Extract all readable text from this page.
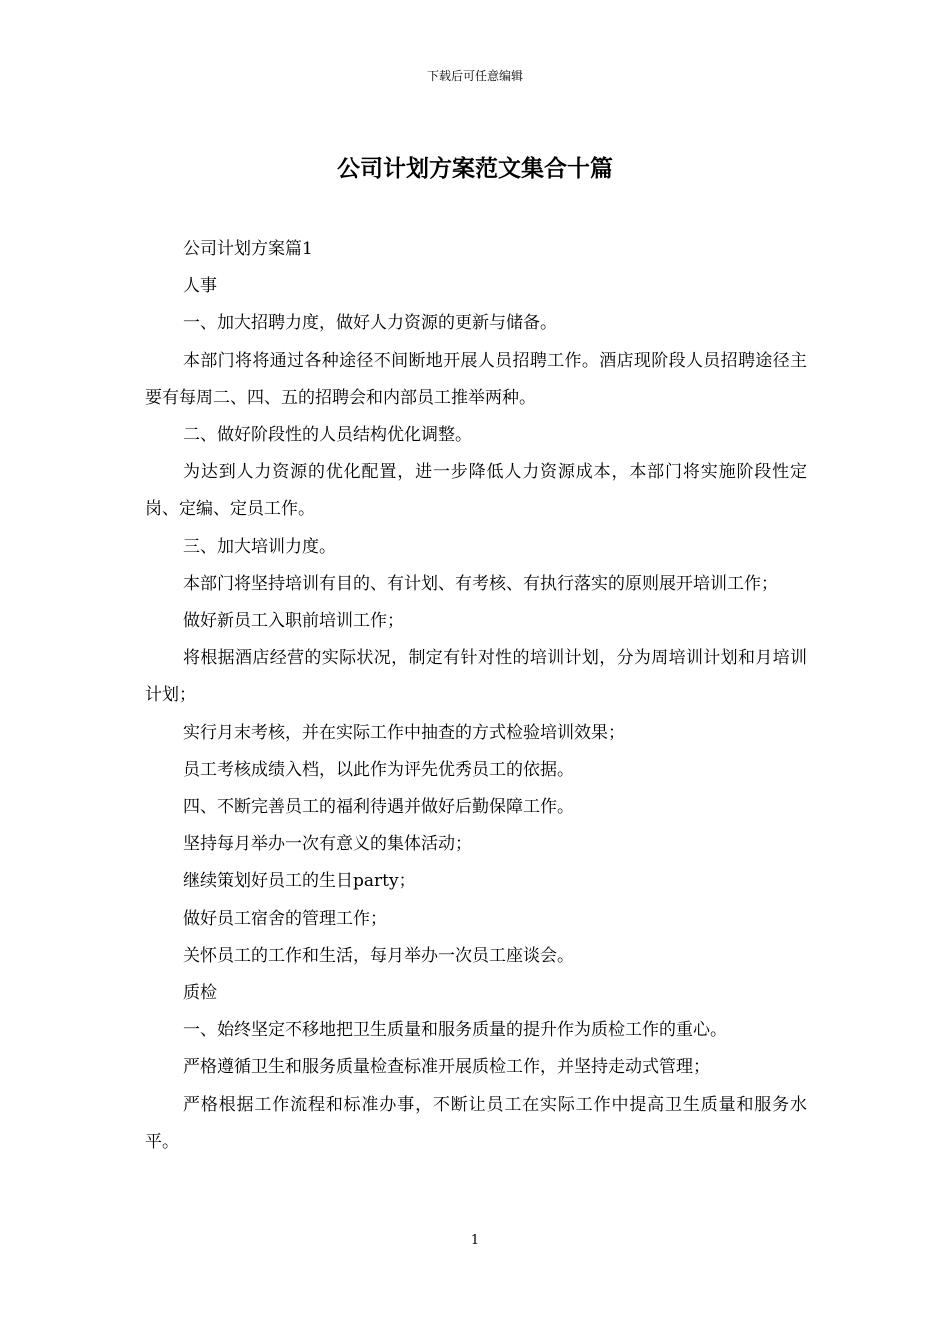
下载后可任意编辑
公司计划方案范文集合十篇

公司计划方案篇1

人事

一、加大招聘力度，做好人力资源的更新与储备。

本部门将将通过各种途径不间断地开展人员招聘工作。酒店现阶段人员招聘途径主要有每周二、四、五的招聘会和内部员工推举两种。

二、做好阶段性的人员结构优化调整。

为达到人力资源的优化配置，进一步降低人力资源成本，本部门将实施阶段性定岗、定编、定员工作。

三、加大培训力度。

本部门将坚持培训有目的、有计划、有考核、有执行落实的原则展开培训工作；

做好新员工入职前培训工作；

将根据酒店经营的实际状况，制定有针对性的培训计划，分为周培训计划和月培训计划；

实行月末考核，并在实际工作中抽查的方式检验培训效果；

员工考核成绩入档，以此作为评先优秀员工的依据。

四、不断完善员工的福利待遇并做好后勤保障工作。

坚持每月举办一次有意义的集体活动；

继续策划好员工的生日party；

做好员工宿舍的管理工作；

关怀员工的工作和生活，每月举办一次员工座谈会。

质检

一、始终坚定不移地把卫生质量和服务质量的提升作为质检工作的重心。

严格遵循卫生和服务质量检查标准开展质检工作，并坚持走动式管理；

严格根据工作流程和标准办事，不断让员工在实际工作中提高卫生质量和服务水平。

1
